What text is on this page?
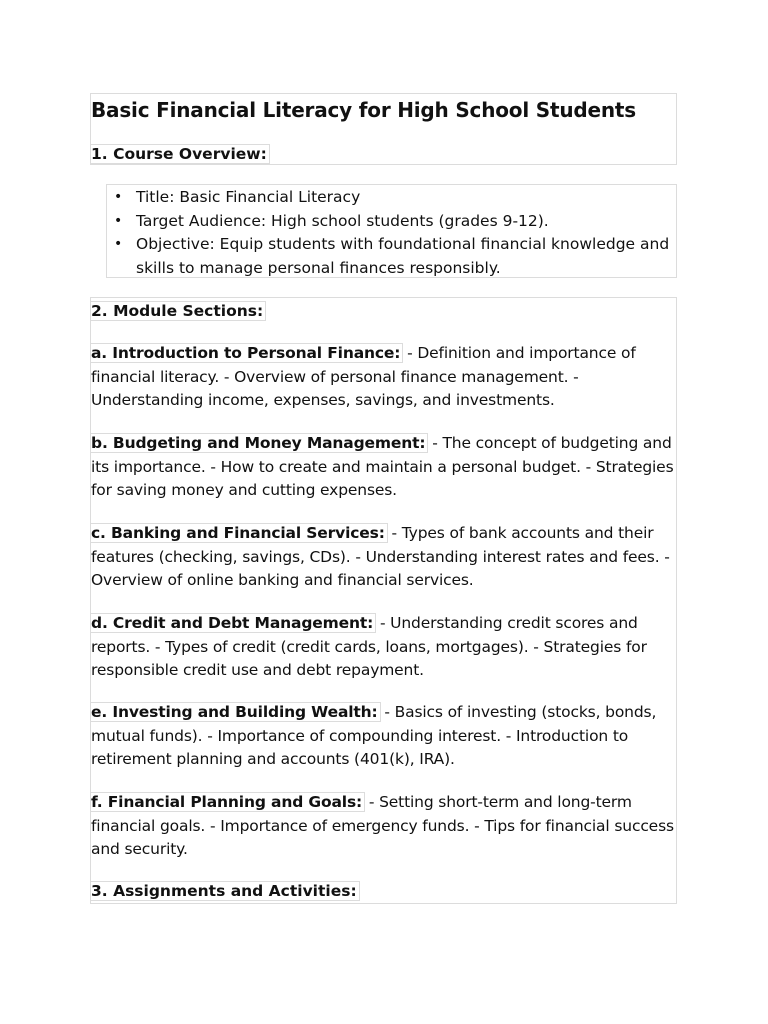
Basic Financial Literacy for High School Students

1. Course Overview:

• Title: Basic Financial Literacy
• Target Audience: High school students (grades 9-12).
• Objective: Equip students with foundational financial knowledge and skills to manage personal finances responsibly.

2. Module Sections:

a. Introduction to Personal Finance: - Definition and importance of financial literacy. - Overview of personal finance management. - Understanding income, expenses, savings, and investments.

b. Budgeting and Money Management: - The concept of budgeting and its importance. - How to create and maintain a personal budget. - Strategies for saving money and cutting expenses.

c. Banking and Financial Services: - Types of bank accounts and their features (checking, savings, CDs). - Understanding interest rates and fees. - Overview of online banking and financial services.

d. Credit and Debt Management: - Understanding credit scores and reports. - Types of credit (credit cards, loans, mortgages). - Strategies for responsible credit use and debt repayment.

e. Investing and Building Wealth: - Basics of investing (stocks, bonds, mutual funds). - Importance of compounding interest. - Introduction to retirement planning and accounts (401(k), IRA).

f. Financial Planning and Goals: - Setting short-term and long-term financial goals. - Importance of emergency funds. - Tips for financial success and security.

3. Assignments and Activities:
